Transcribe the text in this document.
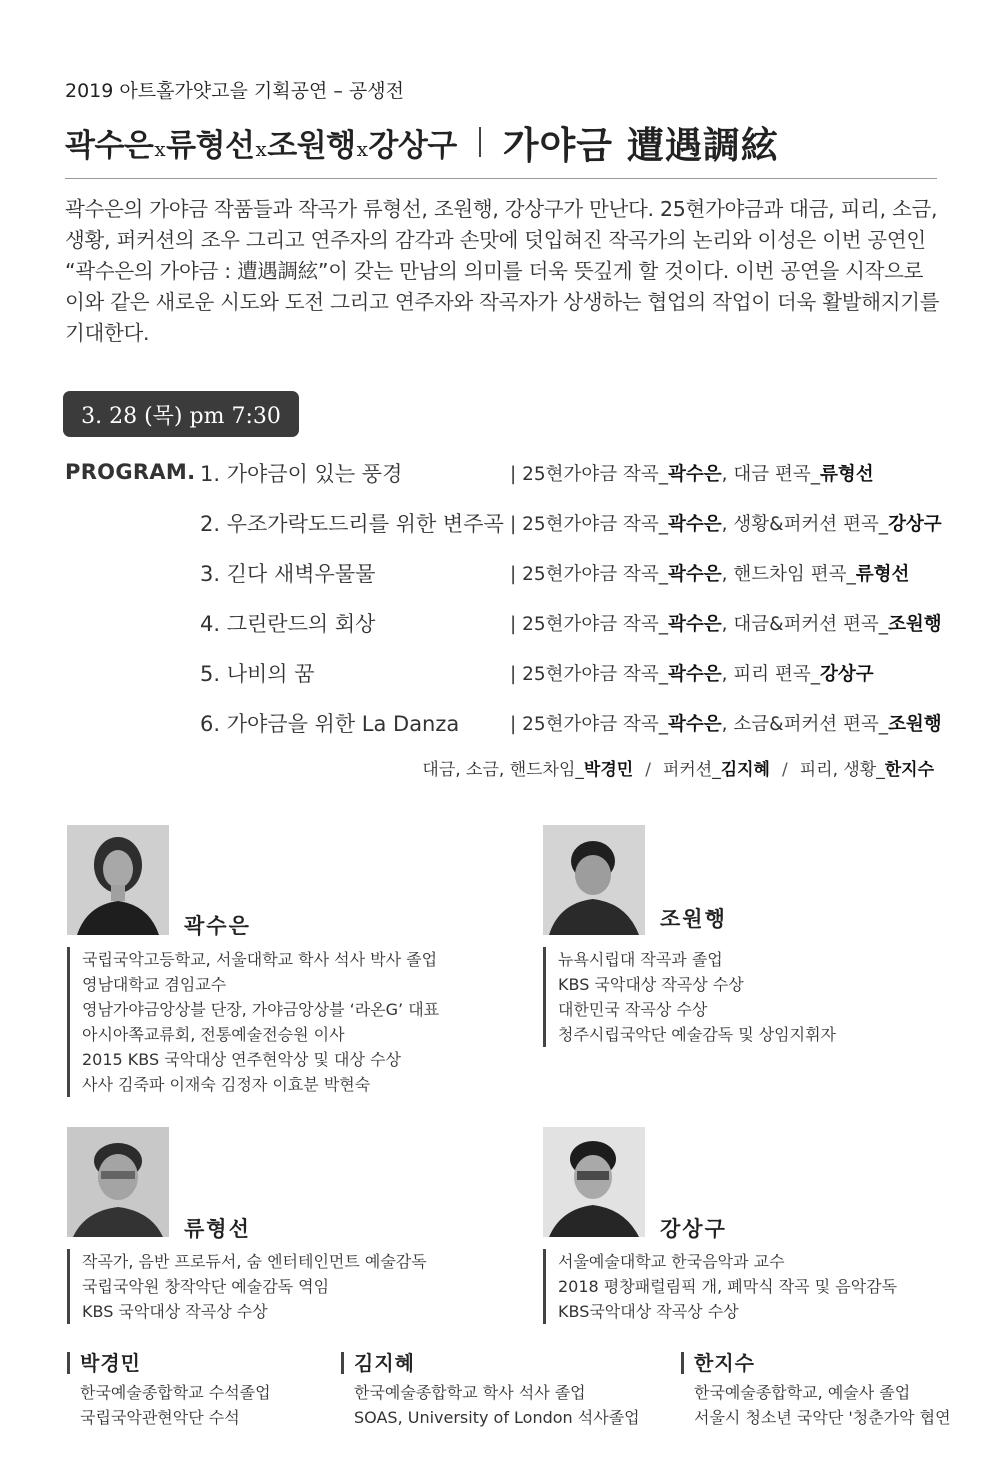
2019 아트홀가얏고을 기획공연 – 공생전
곽수은x류형선x조원행x강상구 가야금 遭遇調絃
곽수은의 가야금 작품들과 작곡가 류형선, 조원행, 강상구가 만난다. 25현가야금과 대금, 피리, 소금, 생황, 퍼커션의 조우 그리고 연주자의 감각과 손맛에 덧입혀진 작곡가의 논리와 이성은 이번 공연인 “곽수은의 가야금 : 遭遇調絃”이 갖는 만남의 의미를 더욱 뜻깊게 할 것이다. 이번 공연을 시작으로 이와 같은 새로운 시도와 도전 그리고 연주자와 작곡자가 상생하는 협업의 작업이 더욱 활발해지기를 기대한다.
3. 28 (목) pm 7:30
PROGRAM. 1. 가야금이 있는 풍경	| 25현가야금 작곡_곽수은, 대금 편곡_류형선
2. 우조가락도드리를 위한 변주곡 | 25현가야금 작곡_곽수은, 생황&퍼커션 편곡_강상구
3. 긷다 새벽우물물	| 25현가야금 작곡_곽수은, 핸드차임 편곡_류형선
4. 그린란드의 회상	| 25현가야금 작곡_곽수은, 대금&퍼커션 편곡_조원행
5. 나비의 꿈	| 25현가야금 작곡_곽수은, 피리 편곡_강상구
6. 가야금을 위한 La Danza	| 25현가야금 작곡_곽수은, 소금&퍼커션 편곡_조원행
대금, 소금, 핸드차임_박경민 / 퍼커션_김지혜 / 피리, 생황_한지수
곽수은
국립국악고등학교, 서울대학교 학사 석사 박사 졸업
영남대학교 겸임교수
영남가야금앙상블 단장, 가야금앙상블 ‘라온G’ 대표
아시아쪽교류회, 전통예술전승원 이사
2015 KBS 국악대상 연주현악상 및 대상 수상
사사 김죽파 이재숙 김정자 이효분 박현숙
조원행
뉴욕시립대 작곡과 졸업
KBS 국악대상 작곡상 수상
대한민국 작곡상 수상
청주시립국악단 예술감독 및 상임지휘자
류형선
작곡가, 음반 프로듀서, 숨 엔터테인먼트 예술감독
국립국악원 창작악단 예술감독 역임
KBS 국악대상 작곡상 수상
강상구
서울예술대학교 한국음악과 교수
2018 평창패럴림픽 개, 폐막식 작곡 및 음악감독
KBS국악대상 작곡상 수상
박경민
한국예술종합학교 수석졸업
국립국악관현악단 수석
김지혜
한국예술종합학교 학사 석사 졸업
SOAS, University of London 석사졸업
한지수
한국예술종합학교, 예술사 졸업
서울시 청소년 국악단 '청춘가악 협연
